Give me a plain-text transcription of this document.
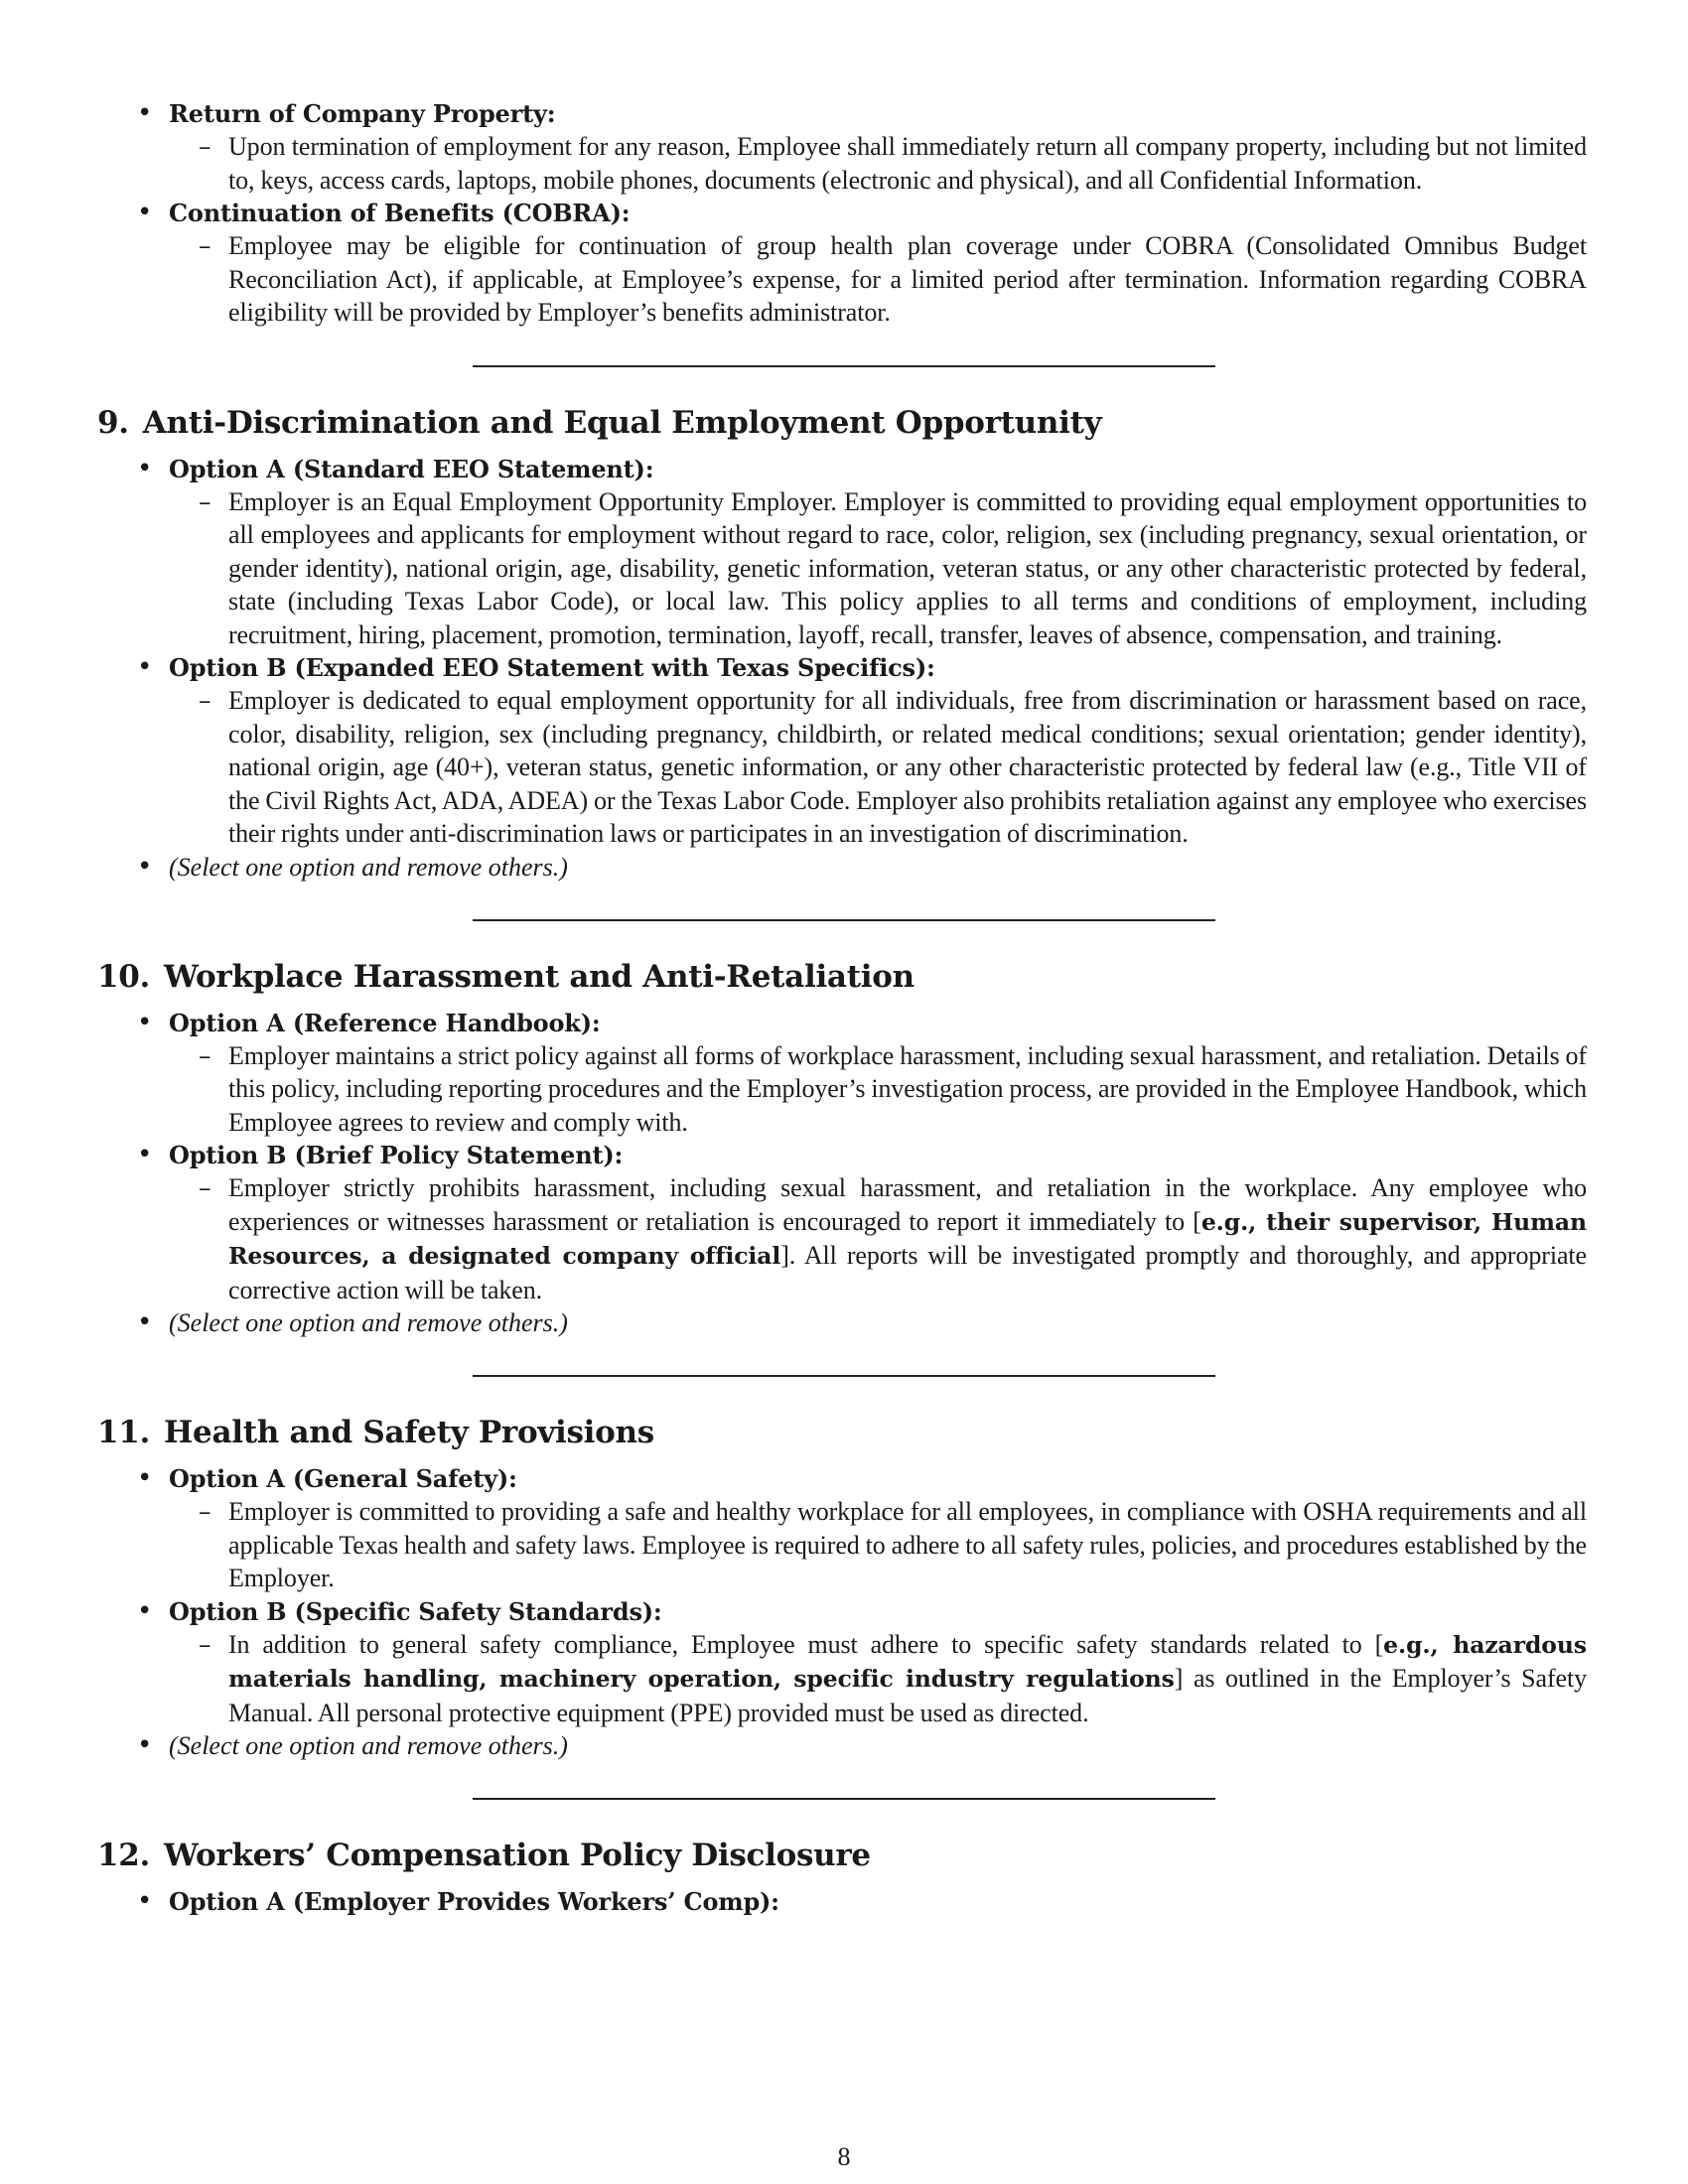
• Return of Company Property:
– Upon termination of employment for any reason, Employee shall immediately return all company property, including but not limited to, keys, access cards, laptops, mobile phones, documents (electronic and physical), and all Confidential Information.
• Continuation of Benefits (COBRA):
– Employee may be eligible for continuation of group health plan coverage under COBRA (Consolidated Omnibus Budget Reconciliation Act), if applicable, at Employee’s expense, for a limited period after termination. Information regarding COBRA eligibility will be provided by Employer’s benefits administrator.
9. Anti-Discrimination and Equal Employment Opportunity
• Option A (Standard EEO Statement):
– Employer is an Equal Employment Opportunity Employer. Employer is committed to providing equal employment opportunities to all employees and applicants for employment without regard to race, color, religion, sex (including pregnancy, sexual orientation, or gender identity), national origin, age, disability, genetic information, veteran status, or any other characteristic protected by federal, state (including Texas Labor Code), or local law. This policy applies to all terms and conditions of employment, including recruitment, hiring, placement, promotion, termination, layoff, recall, transfer, leaves of absence, compensation, and training.
• Option B (Expanded EEO Statement with Texas Specifics):
– Employer is dedicated to equal employment opportunity for all individuals, free from discrimination or harassment based on race, color, disability, religion, sex (including pregnancy, childbirth, or related medical conditions; sexual orientation; gender identity), national origin, age (40+), veteran status, genetic information, or any other characteristic protected by federal law (e.g., Title VII of the Civil Rights Act, ADA, ADEA) or the Texas Labor Code. Employer also prohibits retaliation against any employee who exercises their rights under anti-discrimination laws or participates in an investigation of discrimination.
• (Select one option and remove others.)
10. Workplace Harassment and Anti-Retaliation
• Option A (Reference Handbook):
– Employer maintains a strict policy against all forms of workplace harassment, including sexual harassment, and retaliation. Details of this policy, including reporting procedures and the Employer’s investigation process, are provided in the Employee Handbook, which Employee agrees to review and comply with.
• Option B (Brief Policy Statement):
– Employer strictly prohibits harassment, including sexual harassment, and retaliation in the workplace. Any employee who experiences or witnesses harassment or retaliation is encouraged to report it immediately to [e.g., their supervisor, Human Resources, a designated company official]. All reports will be investigated promptly and thoroughly, and appropriate corrective action will be taken.
• (Select one option and remove others.)
11. Health and Safety Provisions
• Option A (General Safety):
– Employer is committed to providing a safe and healthy workplace for all employees, in compliance with OSHA requirements and all applicable Texas health and safety laws. Employee is required to adhere to all safety rules, policies, and procedures established by the Employer.
• Option B (Specific Safety Standards):
– In addition to general safety compliance, Employee must adhere to specific safety standards related to [e.g., hazardous materials handling, machinery operation, specific industry regulations] as outlined in the Employer’s Safety Manual. All personal protective equipment (PPE) provided must be used as directed.
• (Select one option and remove others.)
12. Workers’ Compensation Policy Disclosure
• Option A (Employer Provides Workers’ Comp):
8
